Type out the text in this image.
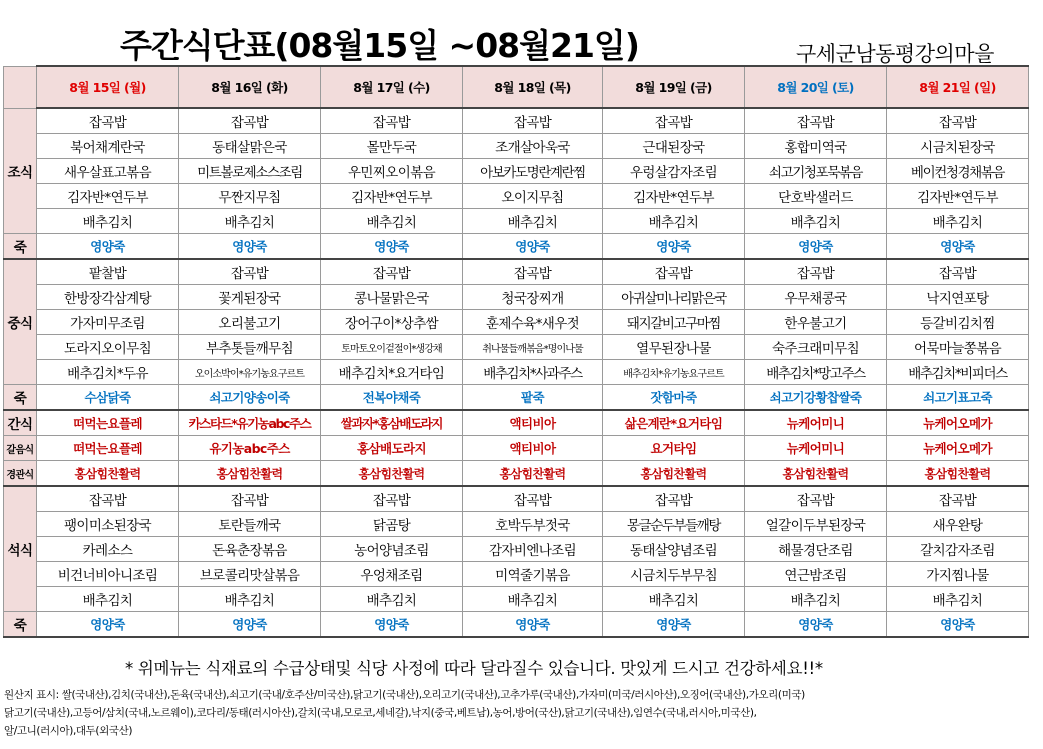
주간식단표(08월15일 ~08월21일)	구세군남동평강의마을
	8월 15일 (월)	8월 16일 (화)	8월 17일 (수)	8월 18일 (목)	8월 19일 (금)	8월 20일 (토)	8월 21일 (일)
조식	잡곡밥	잡곡밥	잡곡밥	잡곡밥	잡곡밥	잡곡밥	잡곡밥
	북어채계란국	동태살맑은국	몰만두국	조개살아욱국	근대된장국	홍합미역국	시금치된장국
	새우살표고볶음	미트볼로제소스조림	우민찌오이볶음	아보카도명란계란찜	우렁살감자조림	쇠고기청포묵볶음	베이컨청경채볶음
	김자반*연두부	무짠지무침	김자반*연두부	오이지무침	김자반*연두부	단호박샐러드	김자반*연두부
	배추김치	배추김치	배추김치	배추김치	배추김치	배추김치	배추김치
죽	영양죽	영양죽	영양죽	영양죽	영양죽	영양죽	영양죽
중식	팥찰밥	잡곡밥	잡곡밥	잡곡밥	잡곡밥	잡곡밥	잡곡밥
	한방장각삼계탕	꽃게된장국	콩나물맑은국	청국장찌개	아귀살미나리맑은국	우무채콩국	낙지연포탕
	가자미무조림	오리불고기	장어구이*상추쌈	훈제수육*새우젓	돼지갈비고구마찜	한우불고기	등갈비김치찜
	도라지오이무침	부추톳들깨무침	토마토오이겉절이*생강채	취나물들깨볶음*명이나물	열무된장나물	숙주크래미무침	어묵마늘쫑볶음
	배추김치*두유	오이소박이*유기농요구르트	배추김치*요거타임	배추김치*사과주스	배추김치*유기농요구르트	배추김치*망고주스	배추김치*비피더스
죽	수삼닭죽	쇠고기양송이죽	전복야채죽	팥죽	잣함마죽	쇠고기강황찹쌀죽	쇠고기표고죽
간식	떠먹는요플레	카스타드*유기농abc주스	쌀과자*홍삼배도라지	액티비아	삶은계란*요거타임	뉴케어미니	뉴케어오메가
갈음식	떠먹는요플레	유기농abc주스	홍삼배도라지	액티비아	요거타임	뉴케어미니	뉴케어오메가
경관식	홍삼힘찬활력	홍삼힘찬활력	홍삼힘찬활력	홍삼힘찬활력	홍삼힘찬활력	홍삼힘찬활력	홍삼힘찬활력
석식	잡곡밥	잡곡밥	잡곡밥	잡곡밥	잡곡밥	잡곡밥	잡곡밥
	팽이미소된장국	토란들깨국	닭곰탕	호박두부젓국	몽글순두부들깨탕	얼갈이두부된장국	새우완탕
	카레소스	돈육춘장볶음	농어양념조림	감자비엔나조림	동태살양념조림	해물경단조림	갈치감자조림
	비건너비아니조림	브로콜리맛살볶음	우엉채조림	미역줄기볶음	시금치두부무침	연근밤조림	가지찜나물
	배추김치	배추김치	배추김치	배추김치	배추김치	배추김치	배추김치
죽	영양죽	영양죽	영양죽	영양죽	영양죽	영양죽	영양죽
* 위메뉴는 식재료의 수급상태및 식당 사정에 따라 달라질수 있습니다. 맛있게 드시고 건강하세요!!*
원산지 표시: 쌀(국내산),김치(국내산),돈육(국내산),쇠고기(국내/호주산/미국산),닭고기(국내산),오리고기(국내산),고추가루(국내산),가자미(미국/러시아산),오징어(국내산),가오리(미국)
닭고기(국내산),고등어/삼치(국내,노르웨이),코다리/동태(러시아산),갈치(국내,모로코,세네갈),낙지(중국,베트남),농어,방어(국산),닭고기(국내산),임연수(국내,러시아,미국산),
알/고니(러시아),대두(외국산)
